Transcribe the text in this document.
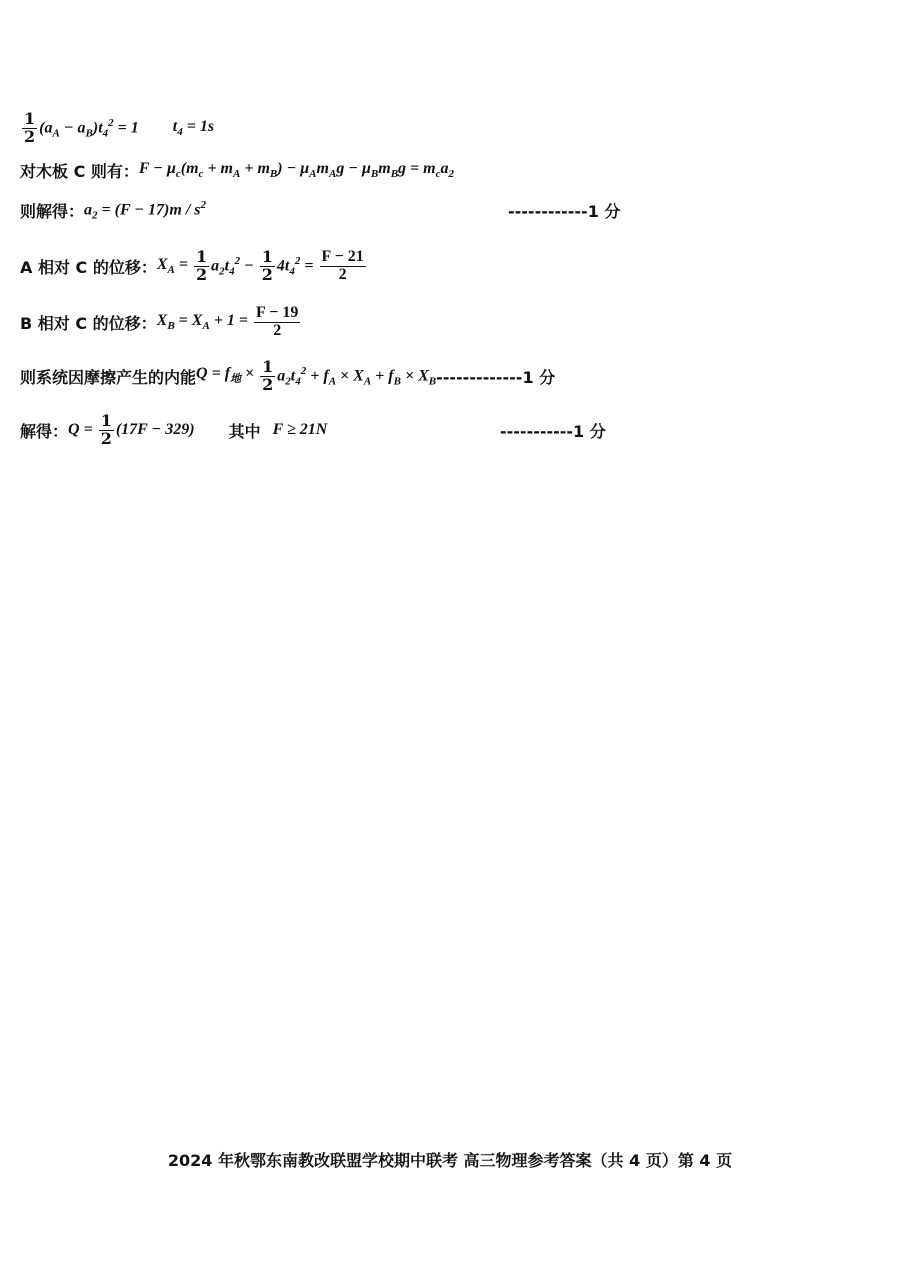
$\frac{1}{2} (a_A - a_B)t_4^2 = 1$ $t_4 = 1s$
对木板 C 则有： $F - \mu_c(m_c + m_A + m_B) - \mu_Am_Ag - \mu_Bm_Bg = m_ca_2$
则解得： $a_2 = (F - 17)m / s^2$	------------1 分
A 相对 C 的位移： $X_A = \frac{1}{2} a_2t_4^2 - \frac{1}{2} 4t_4^2 = \frac{F - 21}{2}$
B 相对 C 的位移： $X_B = X_A + 1 = \frac{F - 19}{2}$
则系统因摩擦产生的内能 $Q = f_地 \times \frac{1}{2} a_2t_4^2 + f_A \times X_A + f_B \times X_B$ -------------1 分
解得： $Q = \frac{1}{2} (17F - 329)$ 其中 F ≥ 21N	-----------1 分
2024 年秋鄂东南教改联盟学校期中联考 高三物理参考答案（共 4 页）第 4 页
